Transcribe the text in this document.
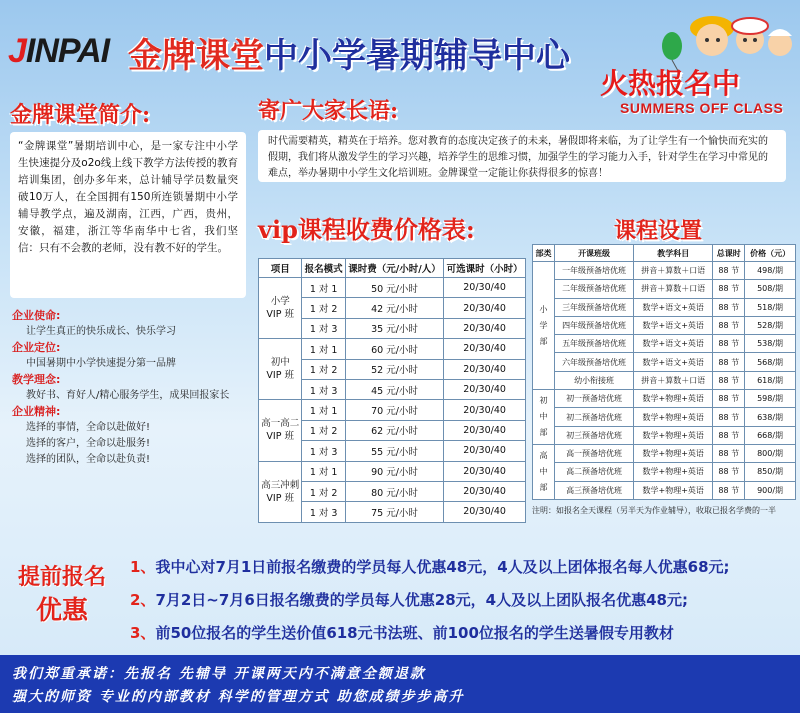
JINPAI 金牌课堂中小学暑期辅导中心
火热报名中
SUMMERS OFF CLASS
金牌课堂简介:
“金牌课堂”暑期培训中心，是一家专注中小学生快速提分及o2o线上线下教学方法传授的教育培训集团，创办多年来，总计辅导学员数量突破10万人，在全国拥有150所连锁暑期中小学辅导教学点，遍及湖南，江西，广西，贵州，安徽，福建，浙江等华南华中七省，我们坚信：只有不会教的老师，没有教不好的学生。
寄广大家长语:
时代需要精英，精英在于培养。您对教育的态度决定孩子的未来，暑假即将来临，为了让学生有一个愉快而充实的假期，我们将从激发学生的学习兴趣，培养学生的思维习惯，加强学生的学习能力入手，针对学生在学习中常见的难点，举办暑期中小学生文化培训班。金牌课堂一定能让你获得很多的惊喜！
企业使命:
让学生真正的快乐成长、快乐学习
企业定位:
中国暑期中小学快速提分第一品牌
教学理念:
教好书、育好人/精心服务学生，成果回报家长
企业精神:
选择的事情，全命以赴做好!
选择的客户，全命以赴服务!
选择的团队，全命以赴负责!
vip课程收费价格表:
项目	报名模式	课时费（元/小时/人）	可选课时（小时）
小学
VIP 班	1 对 1	50 元/小时	20/30/40
	1 对 2	42 元/小时	20/30/40
	1 对 3	35 元/小时	20/30/40
初中
VIP 班	1 对 1	60 元/小时	20/30/40
	1 对 2	52 元/小时	20/30/40
	1 对 3	45 元/小时	20/30/40
高一高二
VIP 班	1 对 1	70 元/小时	20/30/40
	1 对 2	62 元/小时	20/30/40
	1 对 3	55 元/小时	20/30/40
高三冲刺
VIP 班	1 对 1	90 元/小时	20/30/40
	1 对 2	80 元/小时	20/30/40
	1 对 3	75 元/小时	20/30/40
课程设置
部类	开课班级	教学科目	总课时	价格（元）
小
学
部	一年级预备培优班	拼音＋算数＋口语	88 节	498/期
	二年级预备培优班	拼音＋算数＋口语	88 节	508/期
	三年级预备培优班	数学+语文+英语	88 节	518/期
	四年级预备培优班	数学+语文+英语	88 节	528/期
	五年级预备培优班	数学+语文+英语	88 节	538/期
	六年级预备培优班	数学+语文+英语	88 节	568/期
	幼小衔接班	拼音＋算数＋口语	88 节	618/期
初
中
部	初一预备培优班	数学+物理+英语	88 节	598/期
	初二预备培优班	数学+物理+英语	88 节	638/期
	初三预备培优班	数学+物理+英语	88 节	668/期
高
中
部	高一预备培优班	数学+物理+英语	88 节	800/期
	高二预备培优班	数学+物理+英语	88 节	850/期
	高三预备培优班	数学+物理+英语	88 节	900/期
注明：如报名全天课程（另半天为作业辅导），收取已报名学费的一半
提前报名
优惠
1、我中心对7月1日前报名缴费的学员每人优惠48元，4人及以上团体报名每人优惠68元;
2、7月2日~7月6日报名缴费的学员每人优惠28元，4人及以上团队报名优惠48元;
3、前50位报名的学生送价值618元书法班、前100位报名的学生送暑假专用教材
我们郑重承诺：先报名 先辅导 开课两天内不满意全额退款
强大的师资 专业的内部教材 科学的管理方式 助您成绩步步高升
